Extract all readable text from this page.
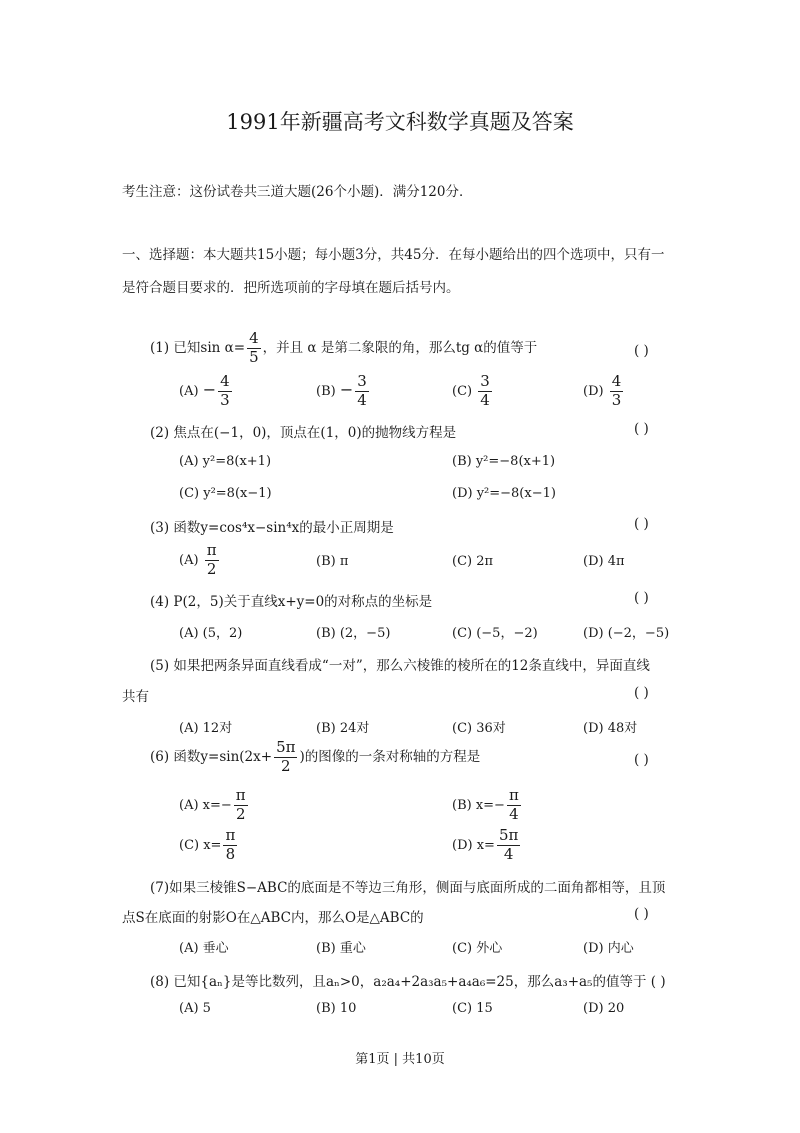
1991年新疆高考文科数学真题及答案
考生注意：这份试卷共三道大题(26个小题)．满分120分．
一、选择题：本大题共15小题；每小题3分，共45分．在每小题给出的四个选项中，只有一
是符合题目要求的．把所选项前的字母填在题后括号内。
(1) 已知$\sin \alpha= \frac{4}{5}$ ，并且 α 是第二象限的角，那么tg α的值等于	( )
$(A) - \frac{4}{3}$	$(B) - \frac{3}{4}$	$(C) \frac{3}{4}$	$(D) \frac{4}{3}$
(2) 焦点在(−1，0)，顶点在(1，0)的抛物线方程是	( )
(A) y²=8(x+1)	(B) y²=−8(x+1)
(C) y²=8(x−1)	(D) y²=−8(x−1)
(3) 函数y=cos⁴x−sin⁴x的最小正周期是	( )
$(A) \frac{\pi}{2}$	(B) π	(C) 2π	(D) 4π
(4) P(2，5)关于直线x+y=0的对称点的坐标是	( )
(A) (5，2)	(B) (2，−5)	(C) (−5，−2)	(D) (−2，−5)
(5) 如果把两条异面直线看成“一对”，那么六棱锥的棱所在的12条直线中，异面直线
共有	( )
(A) 12对	(B) 24对	(C) 36对	(D) 48对
(6) 函数$y=\sin(2x+ \frac{5\pi}{2}$ )的图像的一条对称轴的方程是	( )
(A) $x=- \frac{\pi}{2}$	(B) $x=- \frac{\pi}{4}$
(C) $x= \frac{\pi}{8}$	(D) $x= \frac{5\pi}{4}$
(7)如果三棱锥S−ABC的底面是不等边三角形，侧面与底面所成的二面角都相等，且顶
点S在底面的射影O在△ABC内，那么O是△ABC的	( )
(A) 垂心	(B) 重心	(C) 外心	(D) 内心
(8) 已知{aₙ}是等比数列，且aₙ>0，a₂a₄+2a₃a₅+a₄a₆=25，那么a₃+a₅的值等于 ( )
(A) 5	(B) 10	(C) 15	(D) 20
第1页 | 共10页
